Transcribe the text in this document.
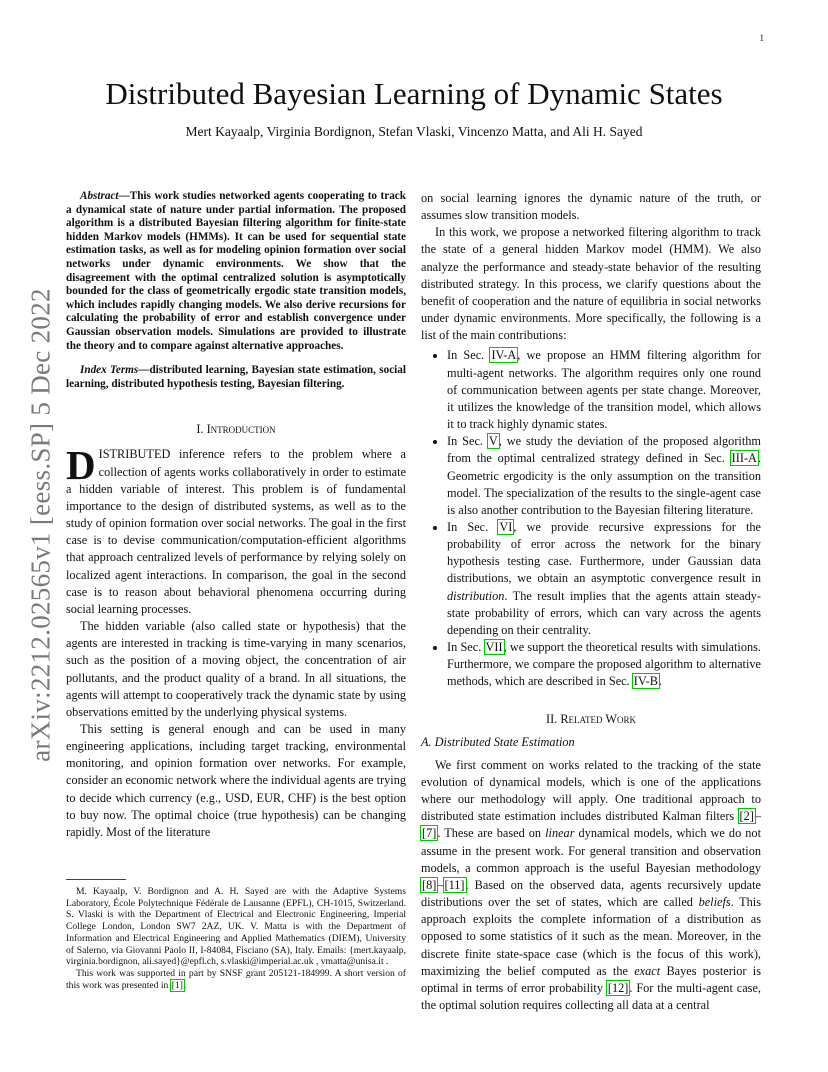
1
arXiv:2212.02565v1 [eess.SP] 5 Dec 2022
Distributed Bayesian Learning of Dynamic States
Mert Kayaalp, Virginia Bordignon, Stefan Vlaski, Vincenzo Matta, and Ali H. Sayed

Abstract—This work studies networked agents cooperating to track a dynamical state of nature under partial information. The proposed algorithm is a distributed Bayesian filtering algorithm for finite-state hidden Markov models (HMMs). It can be used for sequential state estimation tasks, as well as for modeling opinion formation over social networks under dynamic environments. We show that the disagreement with the optimal centralized solution is asymptotically bounded for the class of geometrically ergodic state transition models, which includes rapidly changing models. We also derive recursions for calculating the probability of error and establish convergence under Gaussian observation models. Simulations are provided to illustrate the theory and to compare against alternative approaches.

Index Terms—distributed learning, Bayesian state estimation, social learning, distributed hypothesis testing, Bayesian filtering.

I. Introduction

DISTRIBUTED inference refers to the problem where a collection of agents works collaboratively in order to estimate a hidden variable of interest. This problem is of fundamental importance to the design of distributed systems, as well as to the study of opinion formation over social networks. The goal in the first case is to devise communication/computation-efficient algorithms that approach centralized levels of performance by relying solely on localized agent interactions. In comparison, the goal in the second case is to reason about behavioral phenomena occurring during social learning processes.

The hidden variable (also called state or hypothesis) that the agents are interested in tracking is time-varying in many scenarios, such as the position of a moving object, the concentration of air pollutants, and the product quality of a brand. In all situations, the agents will attempt to cooperatively track the dynamic state by using observations emitted by the underlying physical systems.

This setting is general enough and can be used in many engineering applications, including target tracking, environmental monitoring, and opinion formation over networks. For example, consider an economic network where the individual agents are trying to decide which currency (e.g., USD, EUR, CHF) is the best option to buy now. The optimal choice (true hypothesis) can be changing rapidly. Most of the literature

M. Kayaalp, V. Bordignon and A. H. Sayed are with the Adaptive Systems Laboratory, École Polytechnique Fédérale de Lausanne (EPFL), CH-1015, Switzerland. S. Vlaski is with the Department of Electrical and Electronic Engineering, Imperial College London, London SW7 2AZ, UK. V. Matta is with the Department of Information and Electrical Engineering and Applied Mathematics (DIEM), University of Salerno, via Giovanni Paolo II, I-84084, Fisciano (SA), Italy. Emails: {mert.kayaalp, virginia.bordignon, ali.sayed}@epfl.ch, s.vlaski@imperial.ac.uk , vmatta@unisa.it .

This work was supported in part by SNSF grant 205121-184999. A short version of this work was presented in [1].

on social learning ignores the dynamic nature of the truth, or assumes slow transition models.

In this work, we propose a networked filtering algorithm to track the state of a general hidden Markov model (HMM). We also analyze the performance and steady-state behavior of the resulting distributed strategy. In this process, we clarify questions about the benefit of cooperation and the nature of equilibria in social networks under dynamic environments. More specifically, the following is a list of the main contributions:

• In Sec. IV-A, we propose an HMM filtering algorithm for multi-agent networks. The algorithm requires only one round of communication between agents per state change. Moreover, it utilizes the knowledge of the transition model, which allows it to track highly dynamic states.
• In Sec. V, we study the deviation of the proposed algorithm from the optimal centralized strategy defined in Sec. III-A. Geometric ergodicity is the only assumption on the transition model. The specialization of the results to the single-agent case is also another contribution to the Bayesian filtering literature.
• In Sec. VI, we provide recursive expressions for the probability of error across the network for the binary hypothesis testing case. Furthermore, under Gaussian data distributions, we obtain an asymptotic convergence result in distribution. The result implies that the agents attain steady-state probability of errors, which can vary across the agents depending on their centrality.
• In Sec. VII, we support the theoretical results with simulations. Furthermore, we compare the proposed algorithm to alternative methods, which are described in Sec. IV-B.
II. Related Work

A. Distributed State Estimation

We first comment on works related to the tracking of the state evolution of dynamical models, which is one of the applications where our methodology will apply. One traditional approach to distributed state estimation includes distributed Kalman filters [2]–[7]. These are based on linear dynamical models, which we do not assume in the present work. For general transition and observation models, a common approach is the useful Bayesian methodology [8]–[11]. Based on the observed data, agents recursively update distributions over the set of states, which are called beliefs. This approach exploits the complete information of a distribution as opposed to some statistics of it such as the mean. Moreover, in the discrete finite state-space case (which is the focus of this work), maximizing the belief computed as the exact Bayes posterior is optimal in terms of error probability [12]. For the multi-agent case, the optimal solution requires collecting all data at a central
